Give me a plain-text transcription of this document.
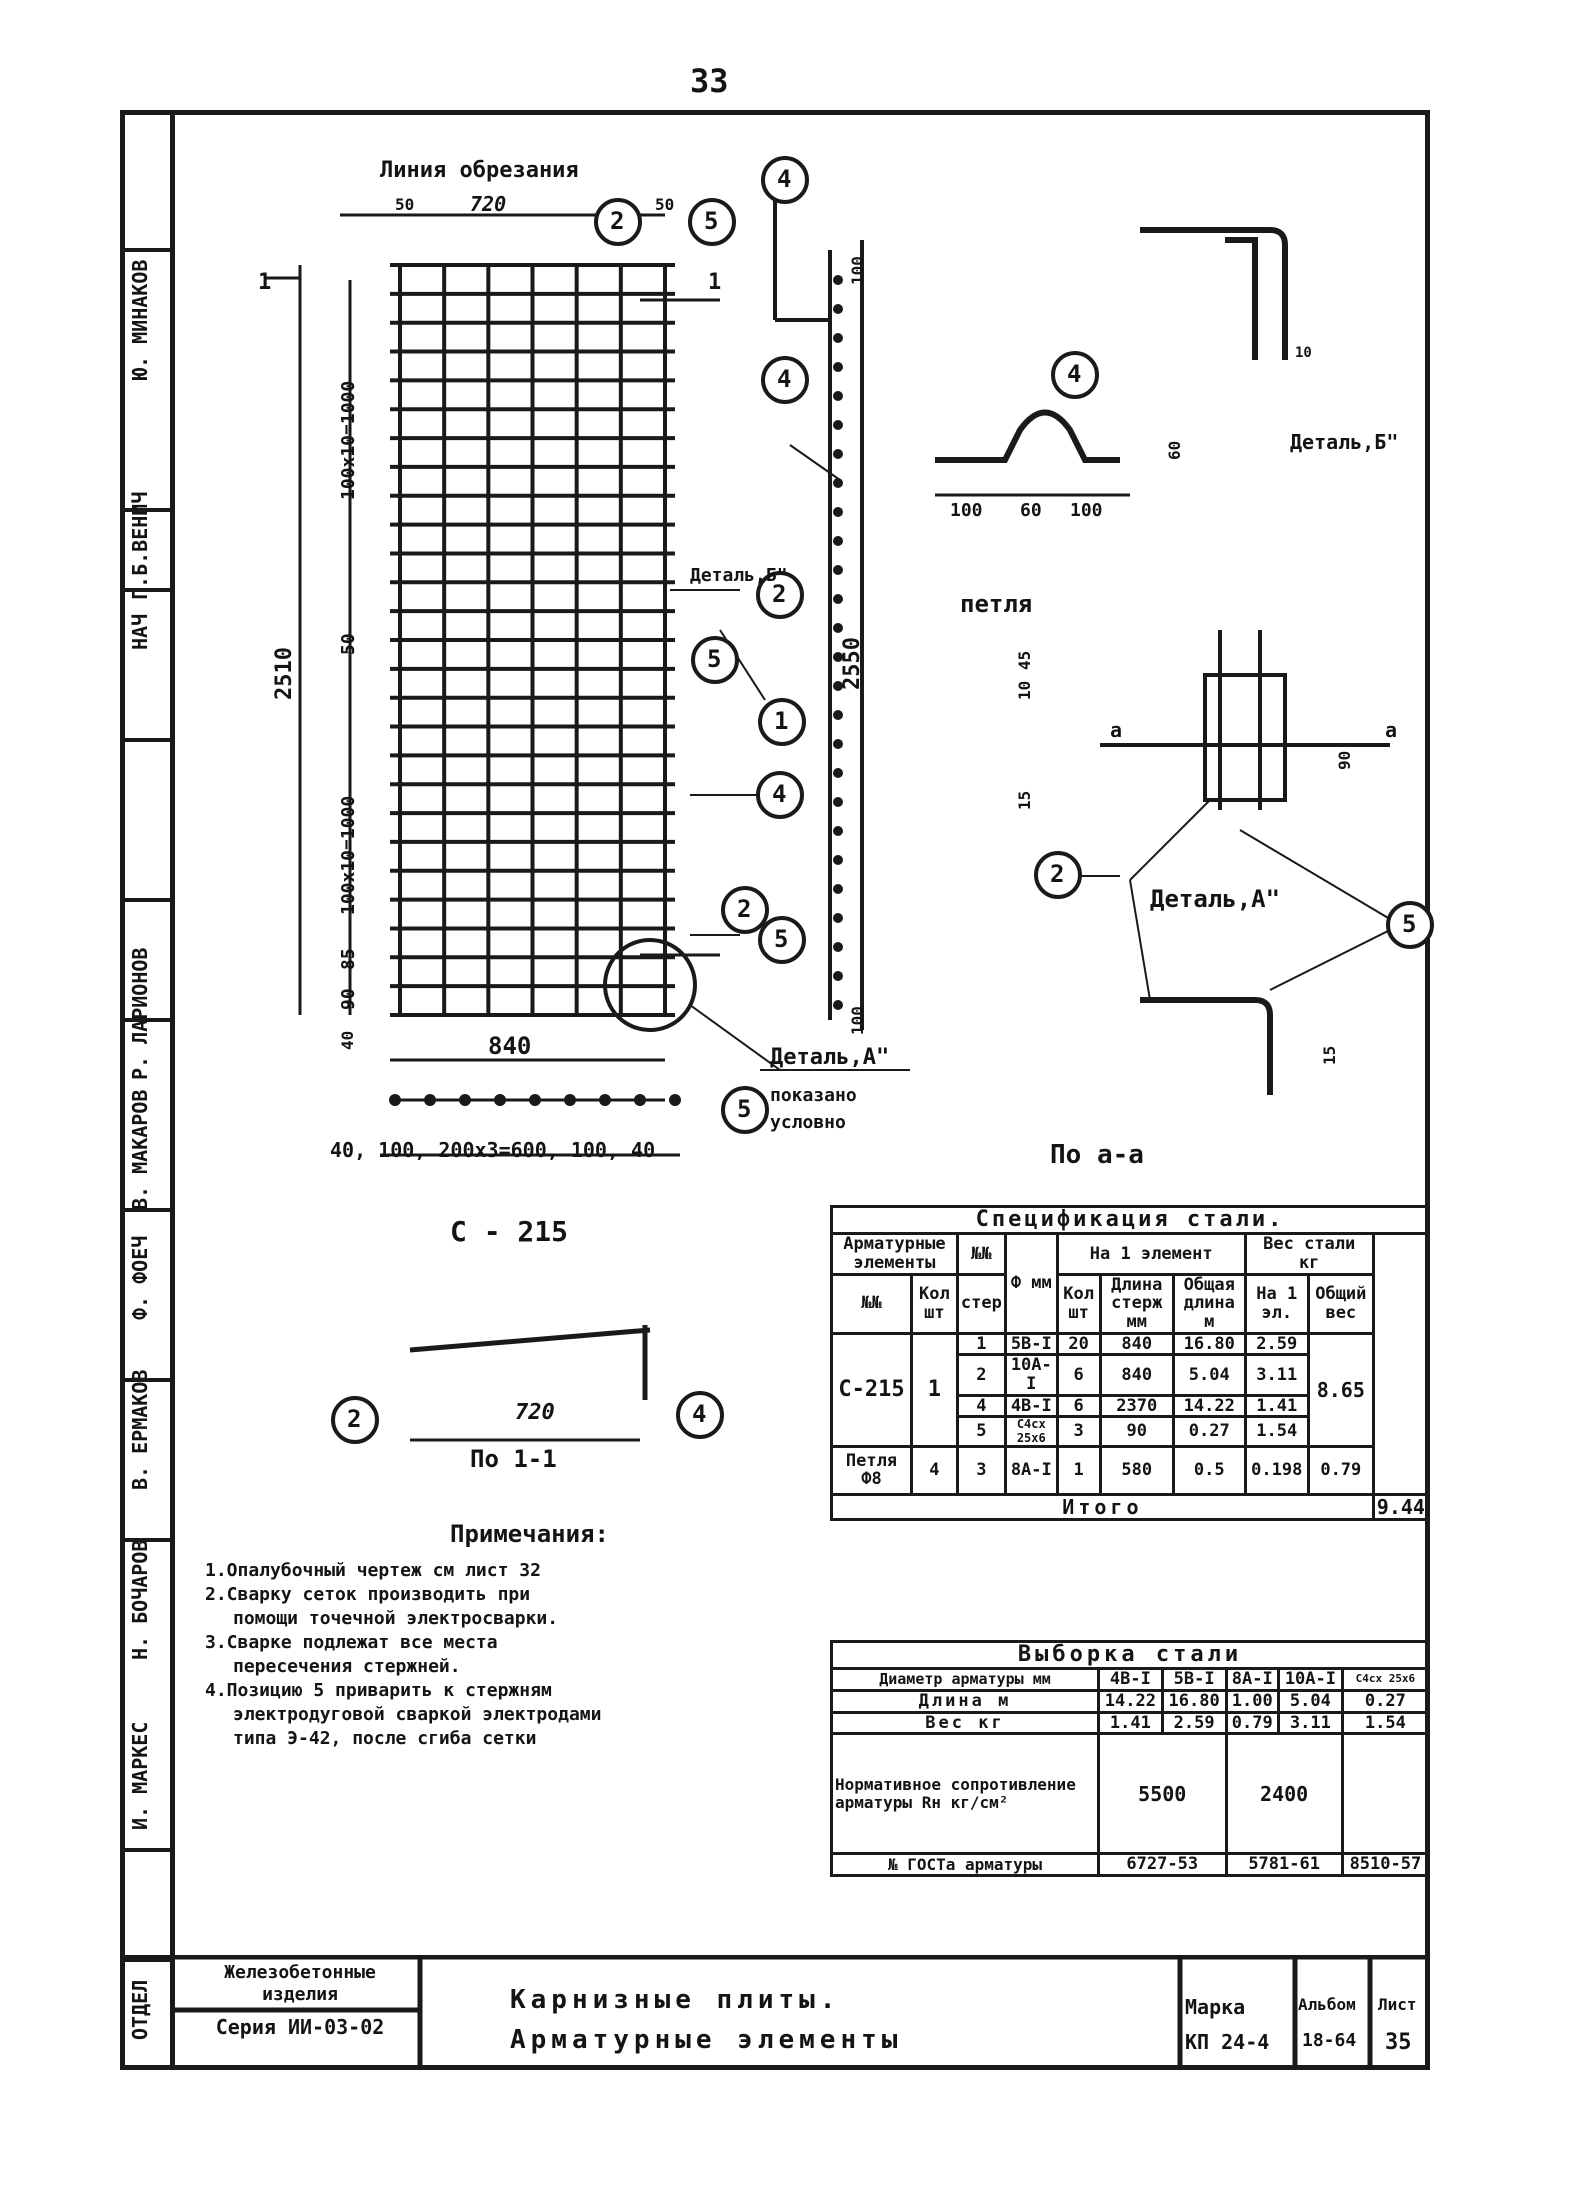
33
Ю. МИНАКОВ
Г.Б.ВЕНИЧ
НАЧ
Р. ЛАРИОНОВ
В. МАКАРОВ
Ф. ФОЕЧ
В. ЕРМАКОВ
Н. БОЧАРОВ
И. МАРКЕС
ОТДЕЛ
Линия обрезания
720
50	50
1	1
2510
100х10=1000
50
100х10=1000
85
90
40	840
40, 100, 200х3=600, 100, 40
С - 215
Деталь,Б"
Деталь,А"
показано
условно
2550
100
100
петля
100 60 100
60	Деталь,Б"
10
Деталь,А"
10
45
15
90
а	а
По а-а
15
По 1-1
720
4
2	5
4
4
2
5
1
4
2
5
5
2
5
2	4
Примечания:
1.Опалубочный чертеж см лист 32
2.Сварку сеток производить при
помощи точечной электросварки.
3.Сварке подлежат все места
пересечения стержней.
4.Позицию 5 приварить к стержням
электродуговой сваркой электродами
типа Э-42, после сгиба сетки
Спецификация стали.									
Арматурные элементы		№№	Ф мм	На 1 элемент			Вес стали кг		
№№	Кол шт	стер		Кол шт	Длина стерж мм	Общая длина м	На 1 эл.	Общий вес	
С-215	1	1	5В-I	20	840	16.80	2.59	8.65	
		2	10А-I	6	840	5.04	3.11		
		4	4В-I	6	2370	14.22	1.41		
		5	С4сх 25х6	3	90	0.27	1.54		
Петля Ф8	4	3	8А-I	1	580	0.5	0.198	0.79	
Итого									9.44
Выборка стали					
Диаметр арматуры мм	4В-I	5В-I	8А-I	10А-I	С4сх 25х6
Длина м	14.22	16.80	1.00	5.04	0.27
Вес кг	1.41	2.59	0.79	3.11	1.54
Нормативное сопротивление арматуры Rн кг/см²	5500		2400		
№ ГОСТа арматуры	6727-53		5781-61		8510-57
Железобетонные изделия
Серия ИИ-03-02
Карнизные плиты.
Арматурные элементы
Марка
КП 24-4
Альбом
18-64
Лист
35
